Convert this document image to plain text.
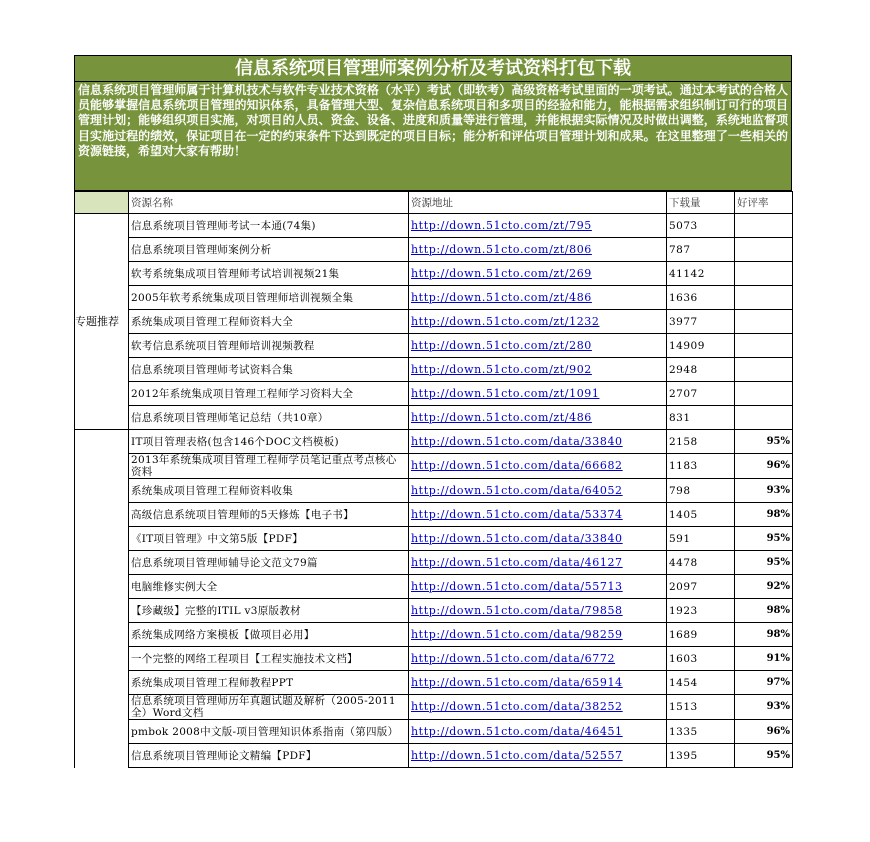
信息系统项目管理师案例分析及考试资料打包下载
信息系统项目管理师属于计算机技术与软件专业技术资格（水平）考试（即软考）高级资格考试里面的一项考试。通过本考试的合格人员能够掌握信息系统项目管理的知识体系，具备管理大型、复杂信息系统项目和多项目的经验和能力，能根据需求组织制订可行的项目管理计划；能够组织项目实施，对项目的人员、资金、设备、进度和质量等进行管理，并能根据实际情况及时做出调整，系统地监督项目实施过程的绩效，保证项目在一定的约束条件下达到既定的项目目标；能分析和评估项目管理计划和成果。在这里整理了一些相关的资源链接，希望对大家有帮助！
	资源名称	资源地址	下载量	好评率
专题推荐	信息系统项目管理师考试一本通(74集)	http://down.51cto.com/zt/795	5073	
	信息系统项目管理师案例分析	http://down.51cto.com/zt/806	787	
	软考系统集成项目管理师考试培训视频21集	http://down.51cto.com/zt/269	41142	
	2005年软考系统集成项目管理师培训视频全集	http://down.51cto.com/zt/486	1636	
	系统集成项目管理工程师资料大全	http://down.51cto.com/zt/1232	3977	
	软考信息系统项目管理师培训视频教程	http://down.51cto.com/zt/280	14909	
	信息系统项目管理师考试资料合集	http://down.51cto.com/zt/902	2948	
	2012年系统集成项目管理工程师学习资料大全	http://down.51cto.com/zt/1091	2707	
	信息系统项目管理师笔记总结（共10章）	http://down.51cto.com/zt/486	831	
	IT项目管理表格(包含146个DOC文档模板)	http://down.51cto.com/data/33840	2158	95%
	2013年系统集成项目管理工程师学员笔记重点考点核心资料	http://down.51cto.com/data/66682	1183	96%
	系统集成项目管理工程师资料收集	http://down.51cto.com/data/64052	798	93%
	高级信息系统项目管理师的5天修炼【电子书】	http://down.51cto.com/data/53374	1405	98%
	《IT项目管理》中文第5版【PDF】	http://down.51cto.com/data/33840	591	95%
	信息系统项目管理师辅导论文范文79篇	http://down.51cto.com/data/46127	4478	95%
	电脑维修实例大全	http://down.51cto.com/data/55713	2097	92%
	【珍藏级】完整的ITIL v3原版教材	http://down.51cto.com/data/79858	1923	98%
	系统集成网络方案模板【做项目必用】	http://down.51cto.com/data/98259	1689	98%
	一个完整的网络工程项目【工程实施技术文档】	http://down.51cto.com/data/6772	1603	91%
	系统集成项目管理工程师教程PPT	http://down.51cto.com/data/65914	1454	97%
	信息系统项目管理师历年真题试题及解析（2005-2011全）Word文档	http://down.51cto.com/data/38252	1513	93%
	pmbok 2008中文版-项目管理知识体系指南（第四版）	http://down.51cto.com/data/46451	1335	96%
	信息系统项目管理师论文精编【PDF】	http://down.51cto.com/data/52557	1395	95%
